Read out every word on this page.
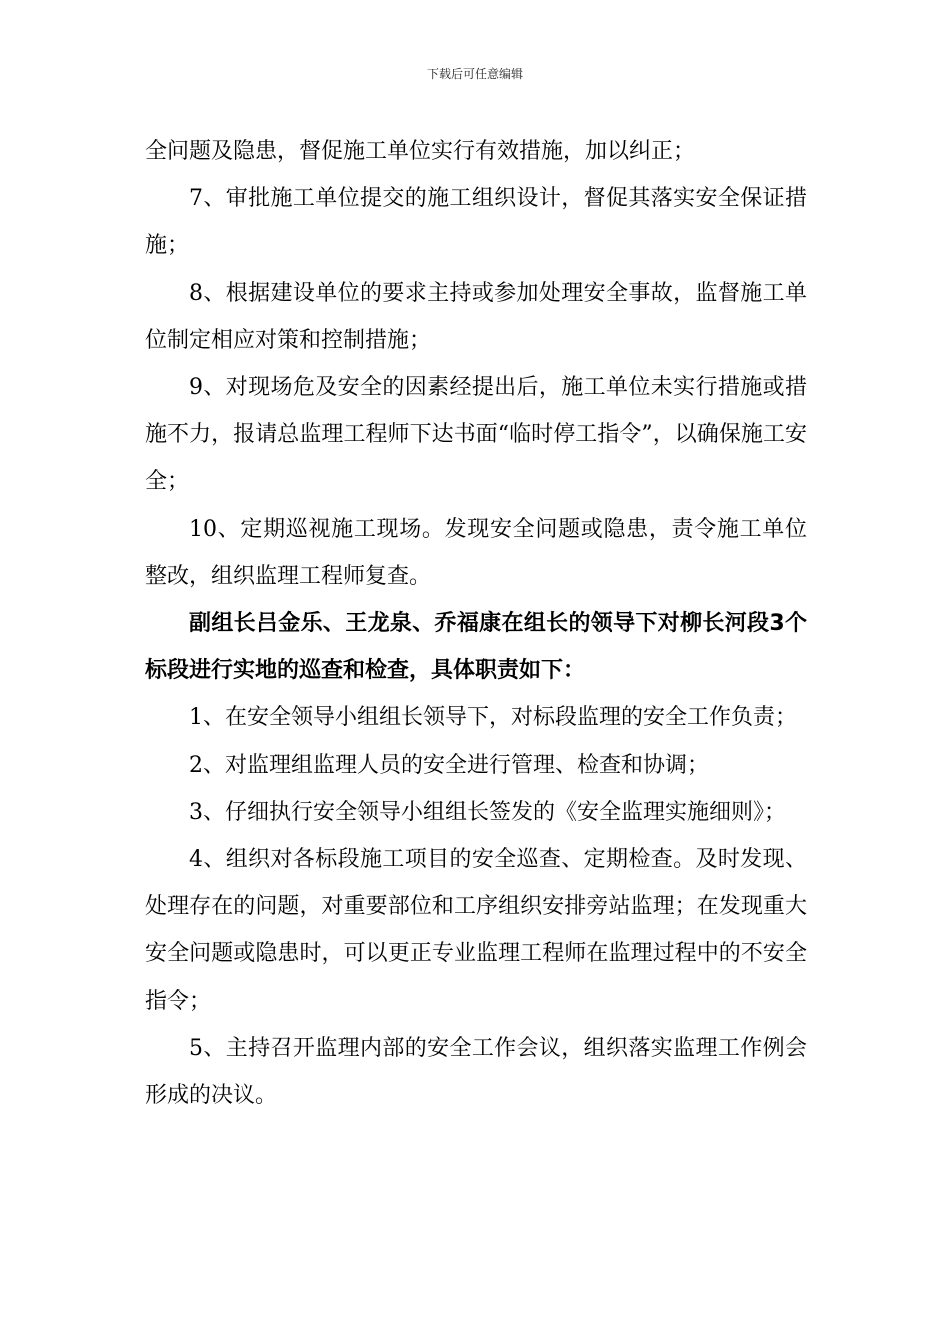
下载后可任意编辑

全问题及隐患，督促施工单位实行有效措施，加以纠正；

7、审批施工单位提交的施工组织设计，督促其落实安全保证措施；

8、根据建设单位的要求主持或参加处理安全事故，监督施工单位制定相应对策和控制措施；

9、对现场危及安全的因素经提出后，施工单位未实行措施或措施不力，报请总监理工程师下达书面“临时停工指令”，以确保施工安全；

10、定期巡视施工现场。发现安全问题或隐患，责令施工单位整改，组织监理工程师复查。

副组长吕金乐、王龙泉、乔福康在组长的领导下对柳长河段3个标段进行实地的巡查和检查，具体职责如下：

1、在安全领导小组组长领导下，对标段监理的安全工作负责；

2、对监理组监理人员的安全进行管理、检查和协调；

3、仔细执行安全领导小组组长签发的《安全监理实施细则》；

4、组织对各标段施工项目的安全巡查、定期检查。及时发现、处理存在的问题，对重要部位和工序组织安排旁站监理；在发现重大安全问题或隐患时，可以更正专业监理工程师在监理过程中的不安全指令；

5、主持召开监理内部的安全工作会议，组织落实监理工作例会形成的决议。
